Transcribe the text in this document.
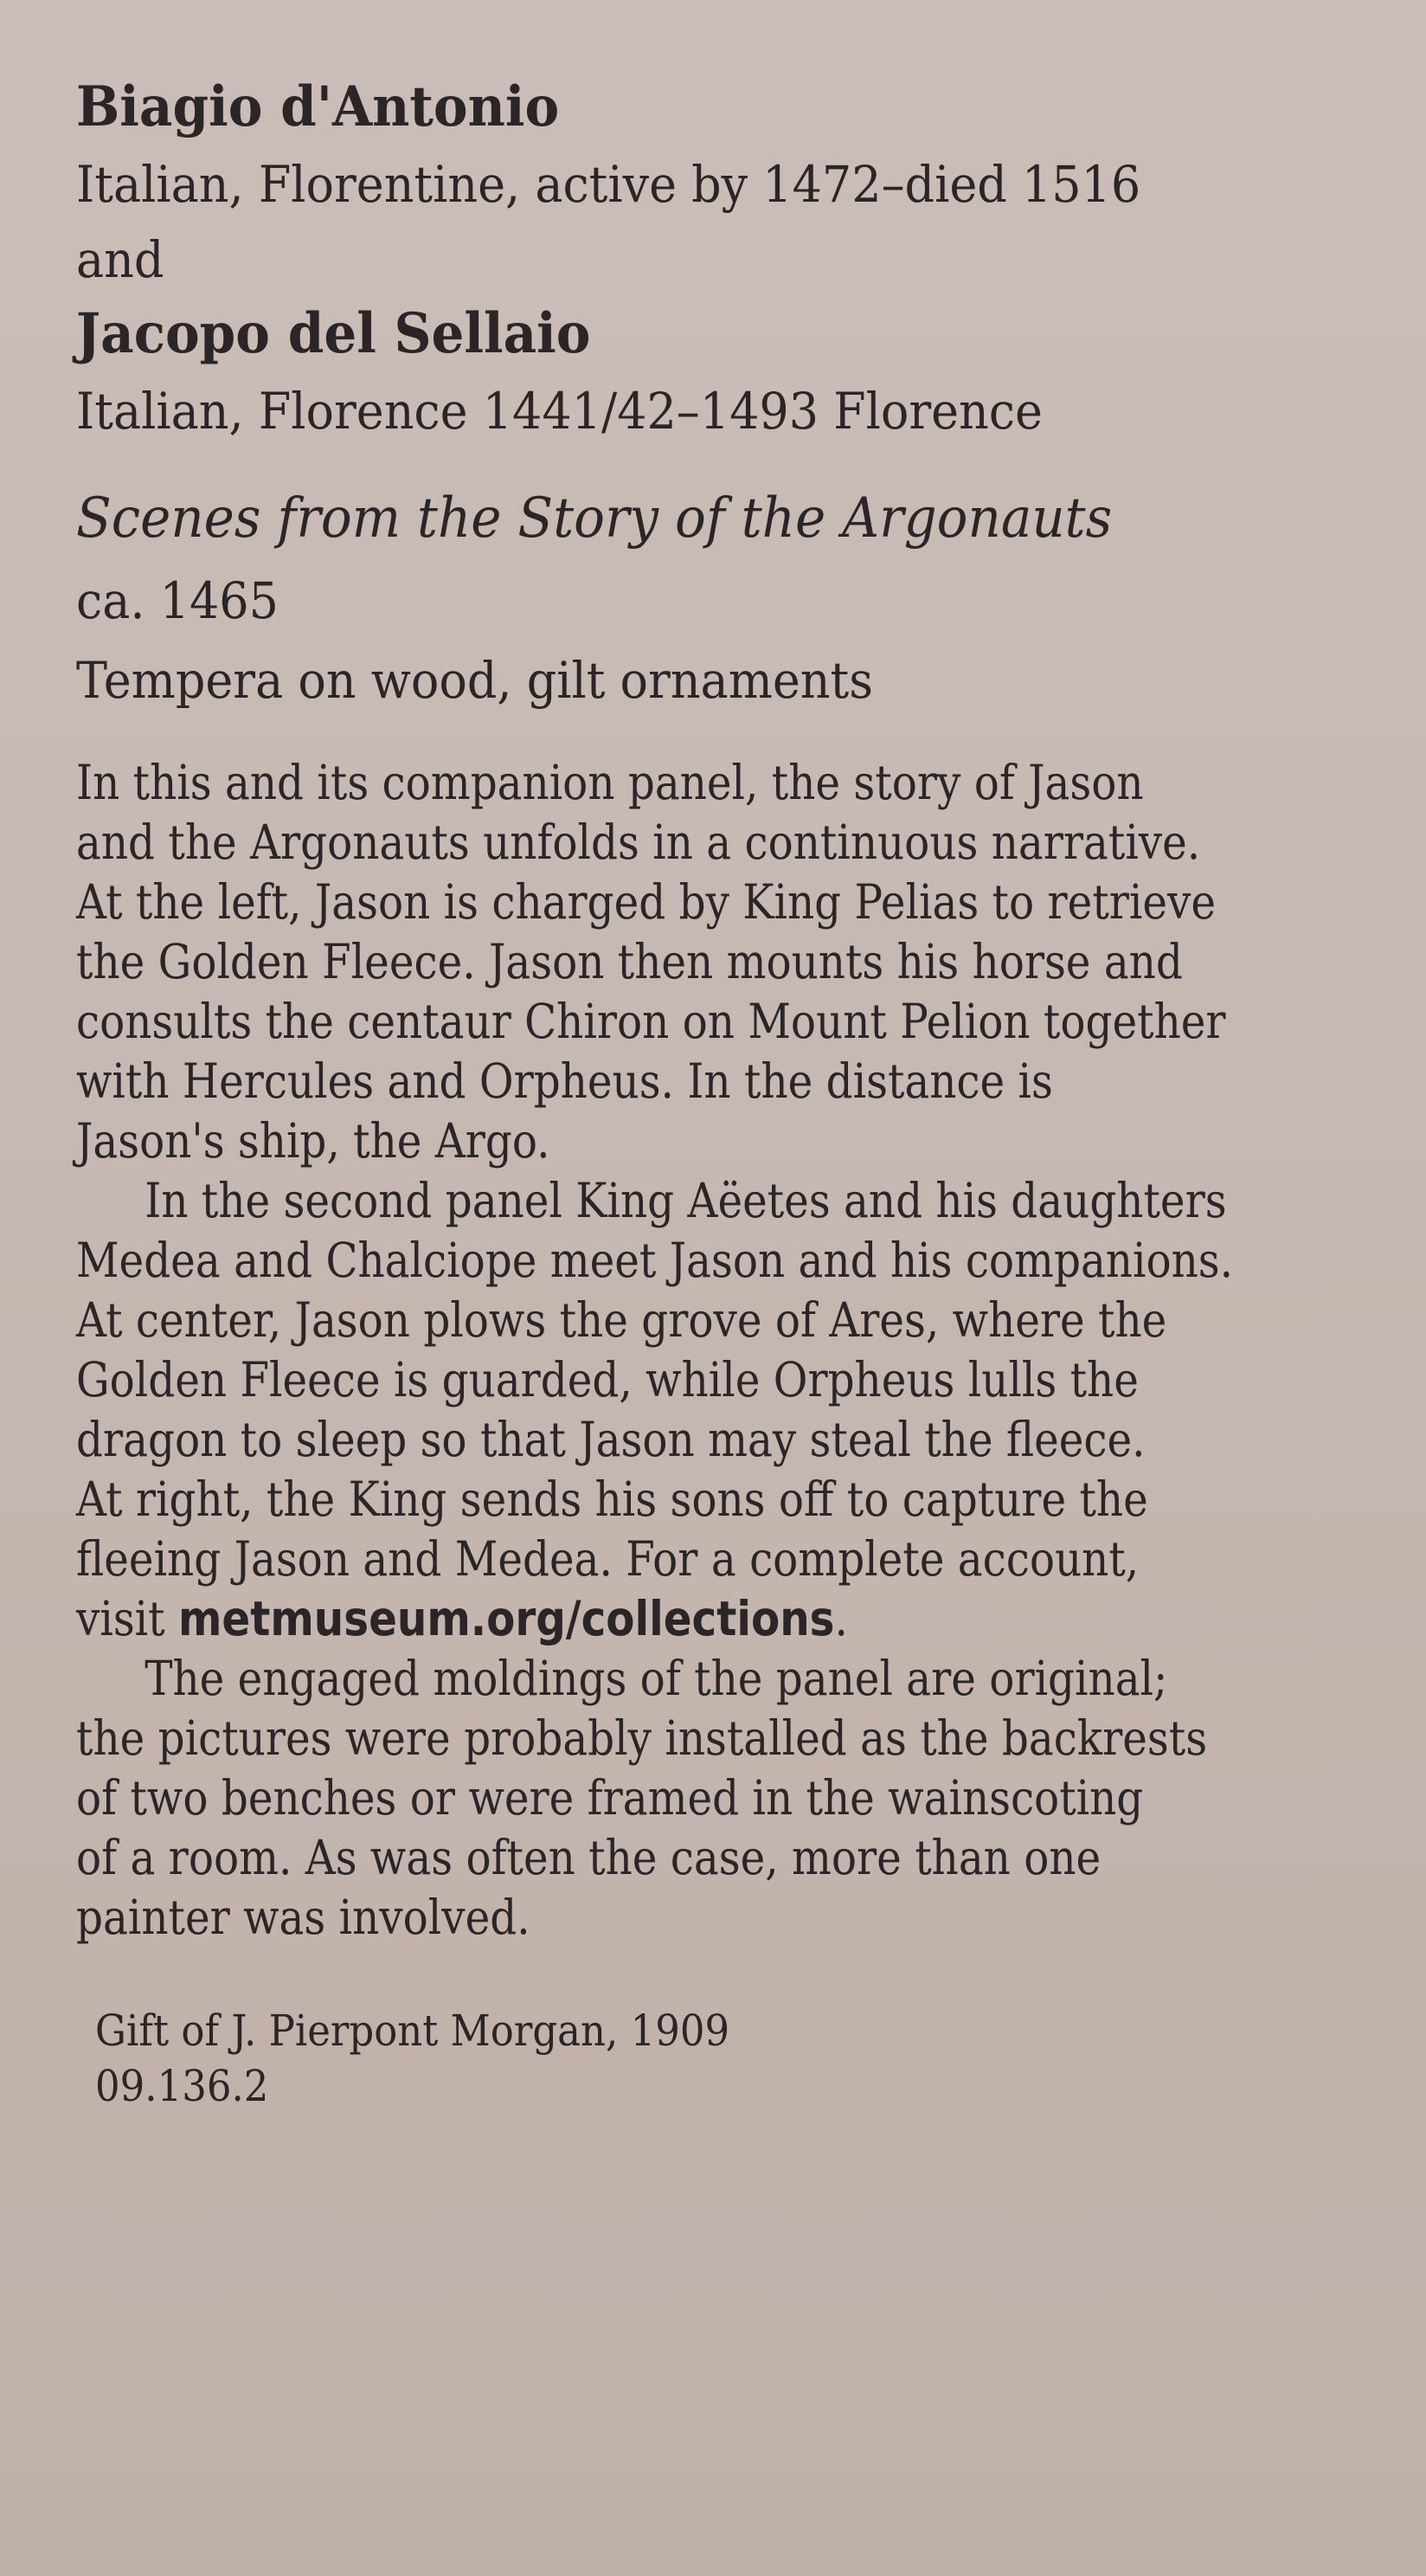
Biagio d'Antonio

Italian, Florentine, active by 1472–died 1516

and

Jacopo del Sellaio

Italian, Florence 1441/42–1493 Florence

Scenes from the Story of the Argonauts

ca. 1465

Tempera on wood, gilt ornaments

In this and its companion panel, the story of Jason
and the Argonauts unfolds in a continuous narrative.
At the left, Jason is charged by King Pelias to retrieve
the Golden Fleece. Jason then mounts his horse and
consults the centaur Chiron on Mount Pelion together
with Hercules and Orpheus. In the distance is
Jason's ship, the Argo.
In the second panel King Aëetes and his daughters
Medea and Chalciope meet Jason and his companions.
At center, Jason plows the grove of Ares, where the
Golden Fleece is guarded, while Orpheus lulls the
dragon to sleep so that Jason may steal the fleece.
At right, the King sends his sons off to capture the
fleeing Jason and Medea. For a complete account,
visit metmuseum.org/collections.
The engaged moldings of the panel are original;
the pictures were probably installed as the backrests
of two benches or were framed in the wainscoting
of a room. As was often the case, more than one
painter was involved.

Gift of J. Pierpont Morgan, 1909

09.136.2
